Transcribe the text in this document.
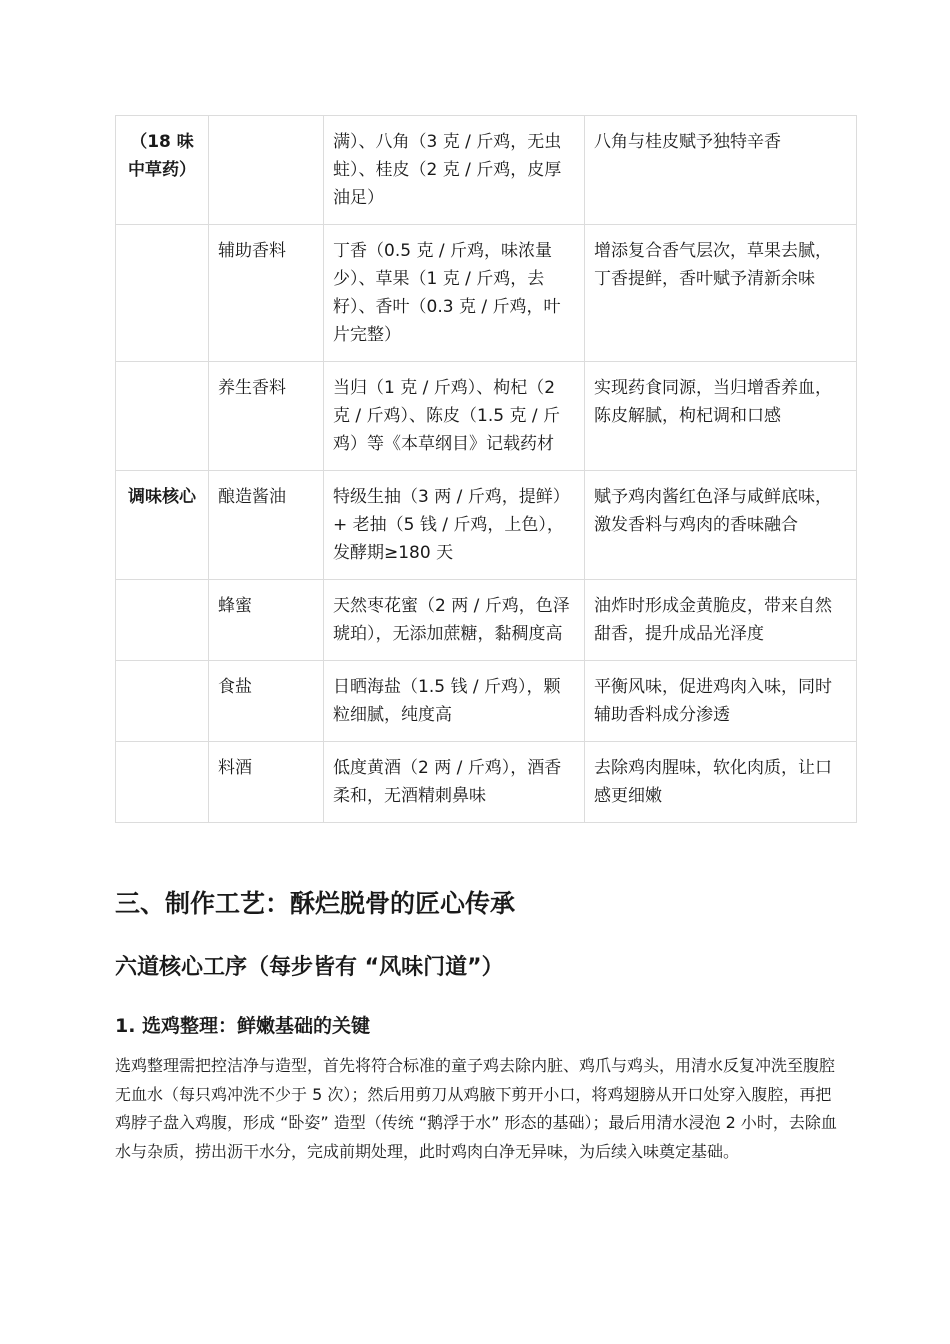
（18 味中草药）		满）、八角（3 克 / 斤鸡，无虫蛀）、桂皮（2 克 / 斤鸡，皮厚油足）	八角与桂皮赋予独特辛香
	辅助香料	丁香（0.5 克 / 斤鸡，味浓量少）、草果（1 克 / 斤鸡，去籽）、香叶（0.3 克 / 斤鸡，叶片完整）	增添复合香气层次，草果去腻，丁香提鲜，香叶赋予清新余味
	养生香料	当归（1 克 / 斤鸡）、枸杞（2 克 / 斤鸡）、陈皮（1.5 克 / 斤鸡）等《本草纲目》记载药材	实现药食同源，当归增香养血，陈皮解腻，枸杞调和口感
调味核心	酿造酱油	特级生抽（3 两 / 斤鸡，提鲜）+ 老抽（5 钱 / 斤鸡，上色），发酵期≥180 天	赋予鸡肉酱红色泽与咸鲜底味，激发香料与鸡肉的香味融合
	蜂蜜	天然枣花蜜（2 两 / 斤鸡，色泽琥珀），无添加蔗糖，黏稠度高	油炸时形成金黄脆皮，带来自然甜香，提升成品光泽度
	食盐	日晒海盐（1.5 钱 / 斤鸡），颗粒细腻，纯度高	平衡风味，促进鸡肉入味，同时辅助香料成分渗透
	料酒	低度黄酒（2 两 / 斤鸡），酒香柔和，无酒精刺鼻味	去除鸡肉腥味，软化肉质，让口感更细嫩
三、制作工艺：酥烂脱骨的匠心传承
六道核心工序（每步皆有 “风味门道”）
1. 选鸡整理：鲜嫩基础的关键

选鸡整理需把控洁净与造型，首先将符合标准的童子鸡去除内脏、鸡爪与鸡头，用清水反复冲洗至腹腔无血水（每只鸡冲洗不少于 5 次）；然后用剪刀从鸡腋下剪开小口，将鸡翅膀从开口处穿入腹腔，再把鸡脖子盘入鸡腹，形成 “卧姿” 造型（传统 “鹅浮于水” 形态的基础）；最后用清水浸泡 2 小时，去除血水与杂质，捞出沥干水分，完成前期处理，此时鸡肉白净无异味，为后续入味奠定基础。
